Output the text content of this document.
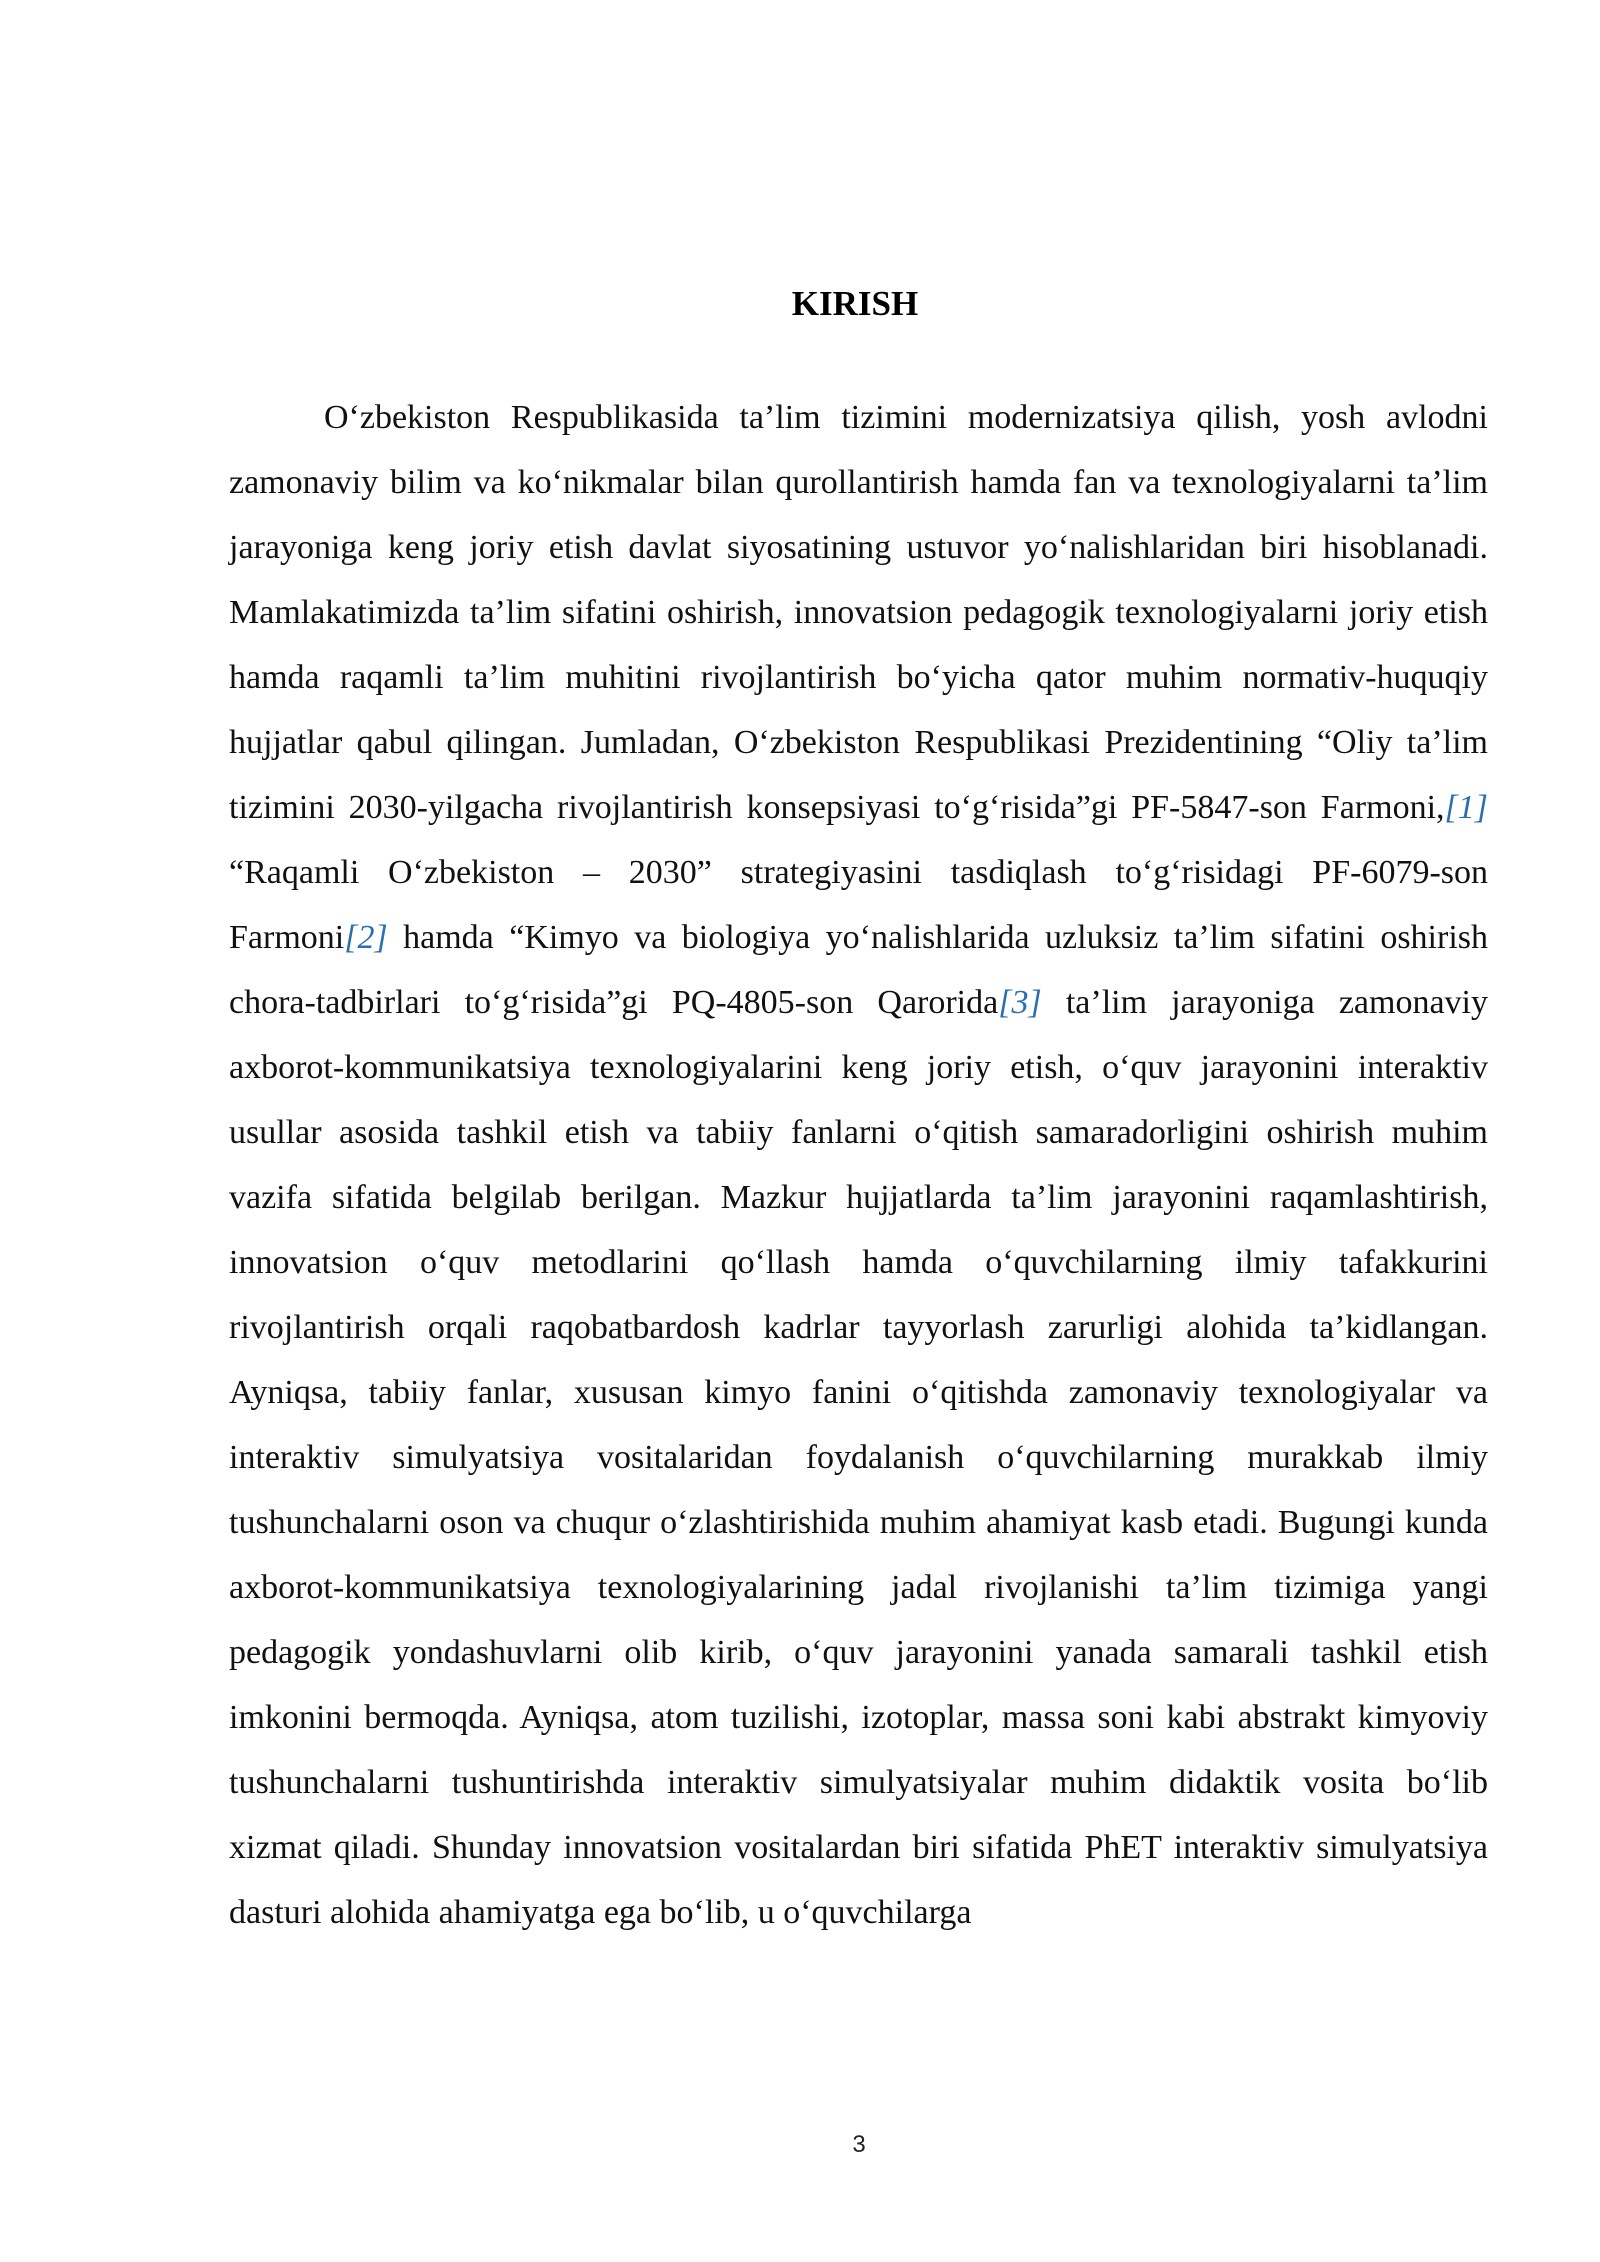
KIRISH

O‘zbekiston Respublikasida ta’lim tizimini modernizatsiya qilish, yosh avlodni zamonaviy bilim va ko‘nikmalar bilan qurollantirish hamda fan va texnologiyalarni ta’lim jarayoniga keng joriy etish davlat siyosatining ustuvor yo‘nalishlaridan biri hisoblanadi. Mamlakatimizda ta’lim sifatini oshirish, innovatsion pedagogik texnologiyalarni joriy etish hamda raqamli ta’lim muhitini rivojlantirish bo‘yicha qator muhim normativ-huquqiy hujjatlar qabul qilingan. Jumladan, O‘zbekiston Respublikasi Prezidentining “Oliy ta’lim tizimini 2030-yilgacha rivojlantirish konsepsiyasi to‘g‘risida”gi PF-5847-son Farmoni,[1] “Raqamli O‘zbekiston – 2030” strategiyasini tasdiqlash to‘g‘risidagi PF-6079-son Farmoni[2] hamda “Kimyo va biologiya yo‘nalishlarida uzluksiz ta’lim sifatini oshirish chora-tadbirlari to‘g‘risida”gi PQ-4805-son Qarorida[3] ta’lim jarayoniga zamonaviy axborot-kommunikatsiya texnologiyalarini keng joriy etish, o‘quv jarayonini interaktiv usullar asosida tashkil etish va tabiiy fanlarni o‘qitish samaradorligini oshirish muhim vazifa sifatida belgilab berilgan. Mazkur hujjatlarda ta’lim jarayonini raqamlashtirish, innovatsion o‘quv metodlarini qo‘llash hamda o‘quvchilarning ilmiy tafakkurini rivojlantirish orqali raqobatbardosh kadrlar tayyorlash zarurligi alohida ta’kidlangan. Ayniqsa, tabiiy fanlar, xususan kimyo fanini o‘qitishda zamonaviy texnologiyalar va interaktiv simulyatsiya vositalaridan foydalanish o‘quvchilarning murakkab ilmiy tushunchalarni oson va chuqur o‘zlashtirishida muhim ahamiyat kasb etadi. Bugungi kunda axborot-kommunikatsiya texnologiyalarining jadal rivojlanishi ta’lim tizimiga yangi pedagogik yondashuvlarni olib kirib, o‘quv jarayonini yanada samarali tashkil etish imkonini bermoqda. Ayniqsa, atom tuzilishi, izotoplar, massa soni kabi abstrakt kimyoviy tushunchalarni tushuntirishda interaktiv simulyatsiyalar muhim didaktik vosita bo‘lib xizmat qiladi. Shunday innovatsion vositalardan biri sifatida PhET interaktiv simulyatsiya dasturi alohida ahamiyatga ega bo‘lib, u o‘quvchilarga

3
